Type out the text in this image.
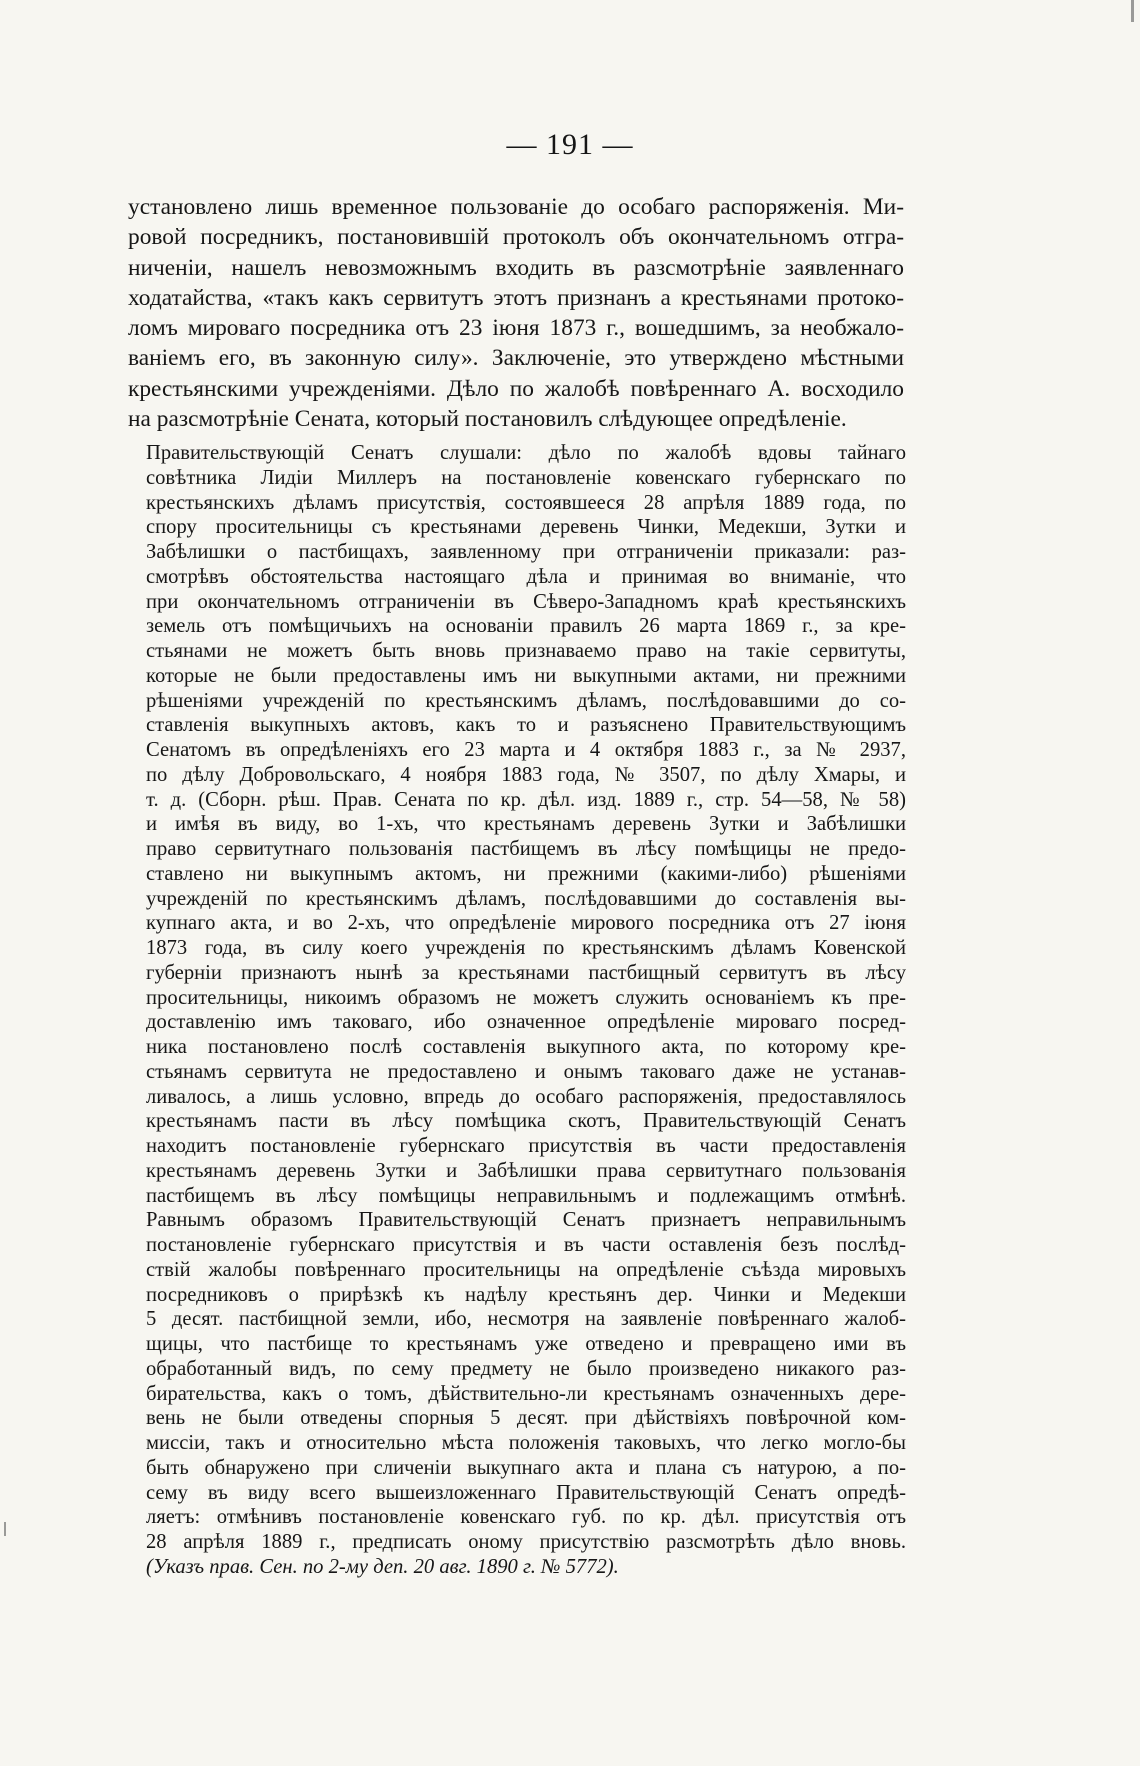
— 191 —
установлено лишь временное пользованіе до особаго распоряженія. Ми-
ровой посредникъ, постановившій протоколъ объ окончательномъ отгра-
ниченіи, нашелъ невозможнымъ входить въ разсмотрѣніе заявленнаго
ходатайства, «такъ какъ сервитутъ этотъ признанъ а крестьянами протоко-
ломъ мироваго посредника отъ 23 іюня 1873 г., вошедшимъ, за необжало-
ваніемъ его, въ законную силу». Заключеніе, это утверждено мѣстными
крестьянскими учрежденіями. Дѣло по жалобѣ повѣреннаго А. восходило
на разсмотрѣніе Сената, который постановилъ слѣдующее опредѣленіе.
Правительствующій Сенатъ слушали: дѣло по жалобѣ вдовы тайнаго
совѣтника Лидіи Миллеръ на постановленіе ковенскаго губернскаго по
крестьянскихъ дѣламъ присутствія, состоявшееся 28 апрѣля 1889 года, по
спору просительницы съ крестьянами деревень Чинки, Медекши, Зутки и
Забѣлишки о пастбищахъ, заявленному при отграниченіи приказали: раз-
смотрѣвъ обстоятельства настоящаго дѣла и принимая во вниманіе, что
при окончательномъ отграниченіи въ Сѣверо-Западномъ краѣ крестьянскихъ
земель отъ помѣщичьихъ на основаніи правилъ 26 марта 1869 г., за кре-
стьянами не можетъ быть вновь признаваемо право на такіе сервитуты,
которые не были предоставлены имъ ни выкупными актами, ни прежними
рѣшеніями учрежденій по крестьянскимъ дѣламъ, послѣдовавшими до со-
ставленія выкупныхъ актовъ, какъ то и разъяснено Правительствующимъ
Сенатомъ въ опредѣленіяхъ его 23 марта и 4 октября 1883 г., за № 2937,
по дѣлу Добровольскаго, 4 ноября 1883 года, № 3507, по дѣлу Хмары, и
т. д. (Сборн. рѣш. Прав. Сената по кр. дѣл. изд. 1889 г., стр. 54—58, № 58)
и имѣя въ виду, во 1-хъ, что крестьянамъ деревень Зутки и Забѣлишки
право сервитутнаго пользованія пастбищемъ въ лѣсу помѣщицы не предо-
ставлено ни выкупнымъ актомъ, ни прежними (какими-либо) рѣшеніями
учрежденій по крестьянскимъ дѣламъ, послѣдовавшими до составленія вы-
купнаго акта, и во 2-хъ, что опредѣленіе мирового посредника отъ 27 іюня
1873 года, въ силу коего учрежденія по крестьянскимъ дѣламъ Ковенской
губерніи признаютъ нынѣ за крестьянами пастбищный сервитутъ въ лѣсу
просительницы, никоимъ образомъ не можетъ служить основаніемъ къ пре-
доставленію имъ таковаго, ибо означенное опредѣленіе мироваго посред-
ника постановлено послѣ составленія выкупного акта, по которому кре-
стьянамъ сервитута не предоставлено и онымъ таковаго даже не устанав-
ливалось, а лишь условно, впредь до особаго распоряженія, предоставлялось
крестьянамъ пасти въ лѣсу помѣщика скотъ, Правительствующій Сенатъ
находитъ постановленіе губернскаго присутствія въ части предоставленія
крестьянамъ деревень Зутки и Забѣлишки права сервитутнаго пользованія
пастбищемъ въ лѣсу помѣщицы неправильнымъ и подлежащимъ отмѣнѣ.
Равнымъ образомъ Правительствующій Сенатъ признаетъ неправильнымъ
постановленіе губернскаго присутствія и въ части оставленія безъ послѣд-
ствій жалобы повѣреннаго просительницы на опредѣленіе съѣзда мировыхъ
посредниковъ о прирѣзкѣ къ надѣлу крестьянъ дер. Чинки и Медекши
5 десят. пастбищной земли, ибо, несмотря на заявленіе повѣреннаго жалоб-
щицы, что пастбище то крестьянамъ уже отведено и превращено ими въ
обработанный видъ, по сему предмету не было произведено никакого раз-
бирательства, какъ о томъ, дѣйствительно-ли крестьянамъ означенныхъ дере-
вень не были отведены спорныя 5 десят. при дѣйствіяхъ повѣрочной ком-
миссіи, такъ и относительно мѣста положенія таковыхъ, что легко могло-бы
быть обнаружено при сличеніи выкупнаго акта и плана съ натурою, а по-
сему въ виду всего вышеизложеннаго Правительствующій Сенатъ опредѣ-
ляетъ: отмѣнивъ постановленіе ковенскаго губ. по кр. дѣл. присутствія отъ
28 апрѣля 1889 г., предписать оному присутствію разсмотрѣть дѣло вновь.
(Указъ прав. Сен. по 2-му деп. 20 авг. 1890 г. № 5772).
